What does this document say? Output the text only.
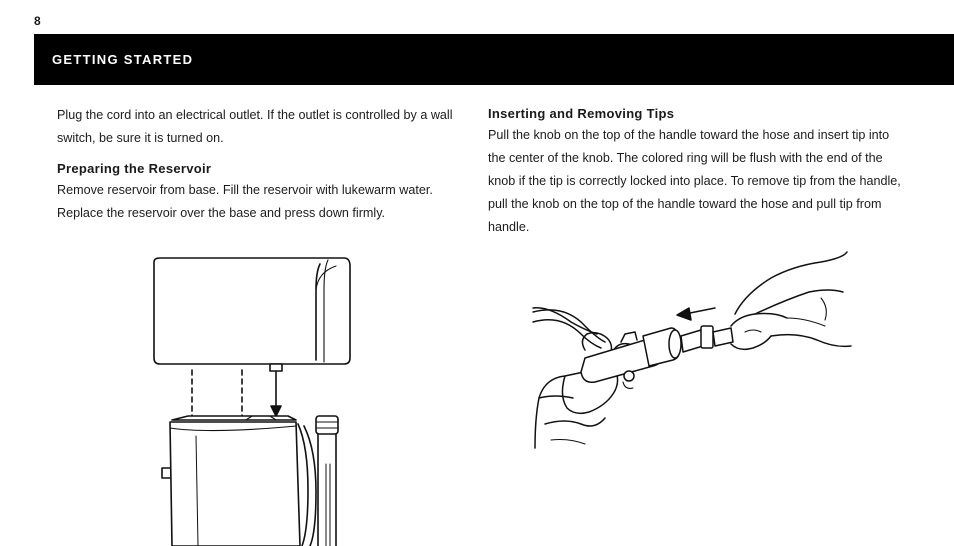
8
GETTING STARTED

Plug the cord into an electrical outlet. If the outlet is controlled by a wall switch, be sure it is turned on.

Preparing the Reservoir

Remove reservoir from base. Fill the reservoir with lukewarm water. Replace the reservoir over the base and press down firmly.

Inserting and Removing Tips

Pull the knob on the top of the handle toward the hose and insert tip into the center of the knob. The colored ring will be flush with the end of the knob if the tip is correctly locked into place. To remove tip from the handle, pull the knob on the top of the handle toward the hose and pull tip from handle.
